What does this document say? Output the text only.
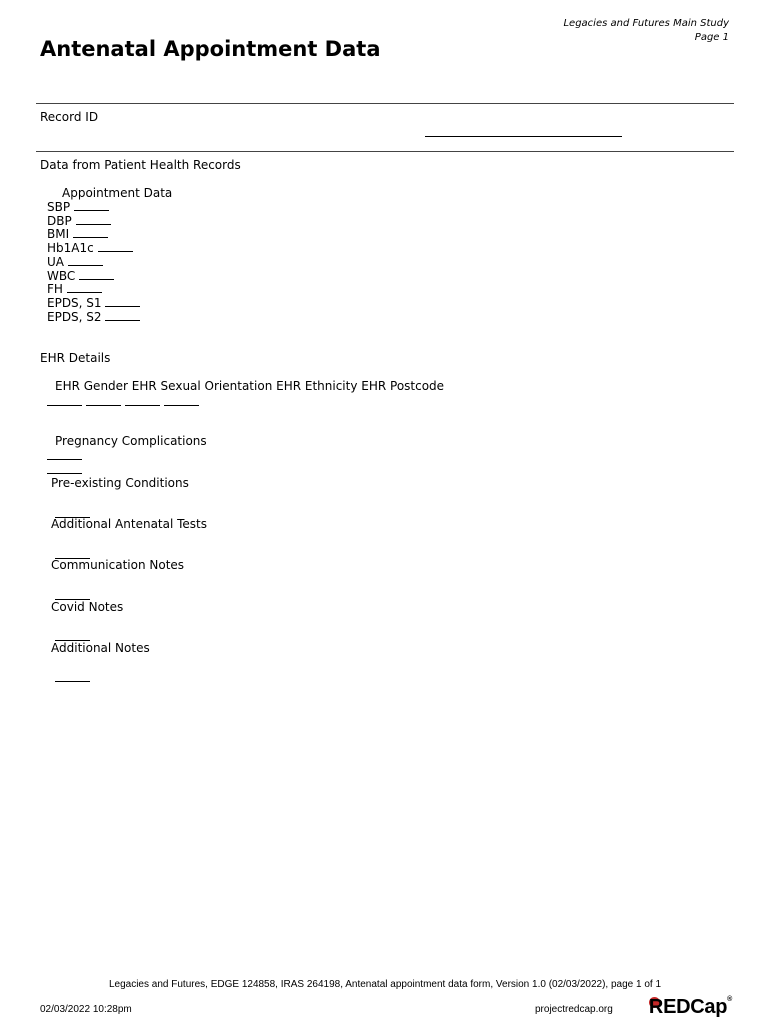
Legacies and Futures Main Study
Page 1
Antenatal Appointment Data
Record ID
Data from Patient Health Records
Appointment Data
SBP
DBP
BMI
Hb1A1c
UA
WBC
FH
EPDS, S1
EPDS, S2
EHR Details
EHR Gender EHR Sexual Orientation EHR Ethnicity EHR Postcode
Pregnancy Complications
Pre-existing Conditions
Additional Antenatal Tests
Communication Notes
Covid Notes
Additional Notes
Legacies and Futures, EDGE 124858, IRAS 264198, Antenatal appointment data form, Version 1.0 (02/03/2022), page 1 of 1
02/03/2022 10:28pm	projectredcap.org REDCap®
